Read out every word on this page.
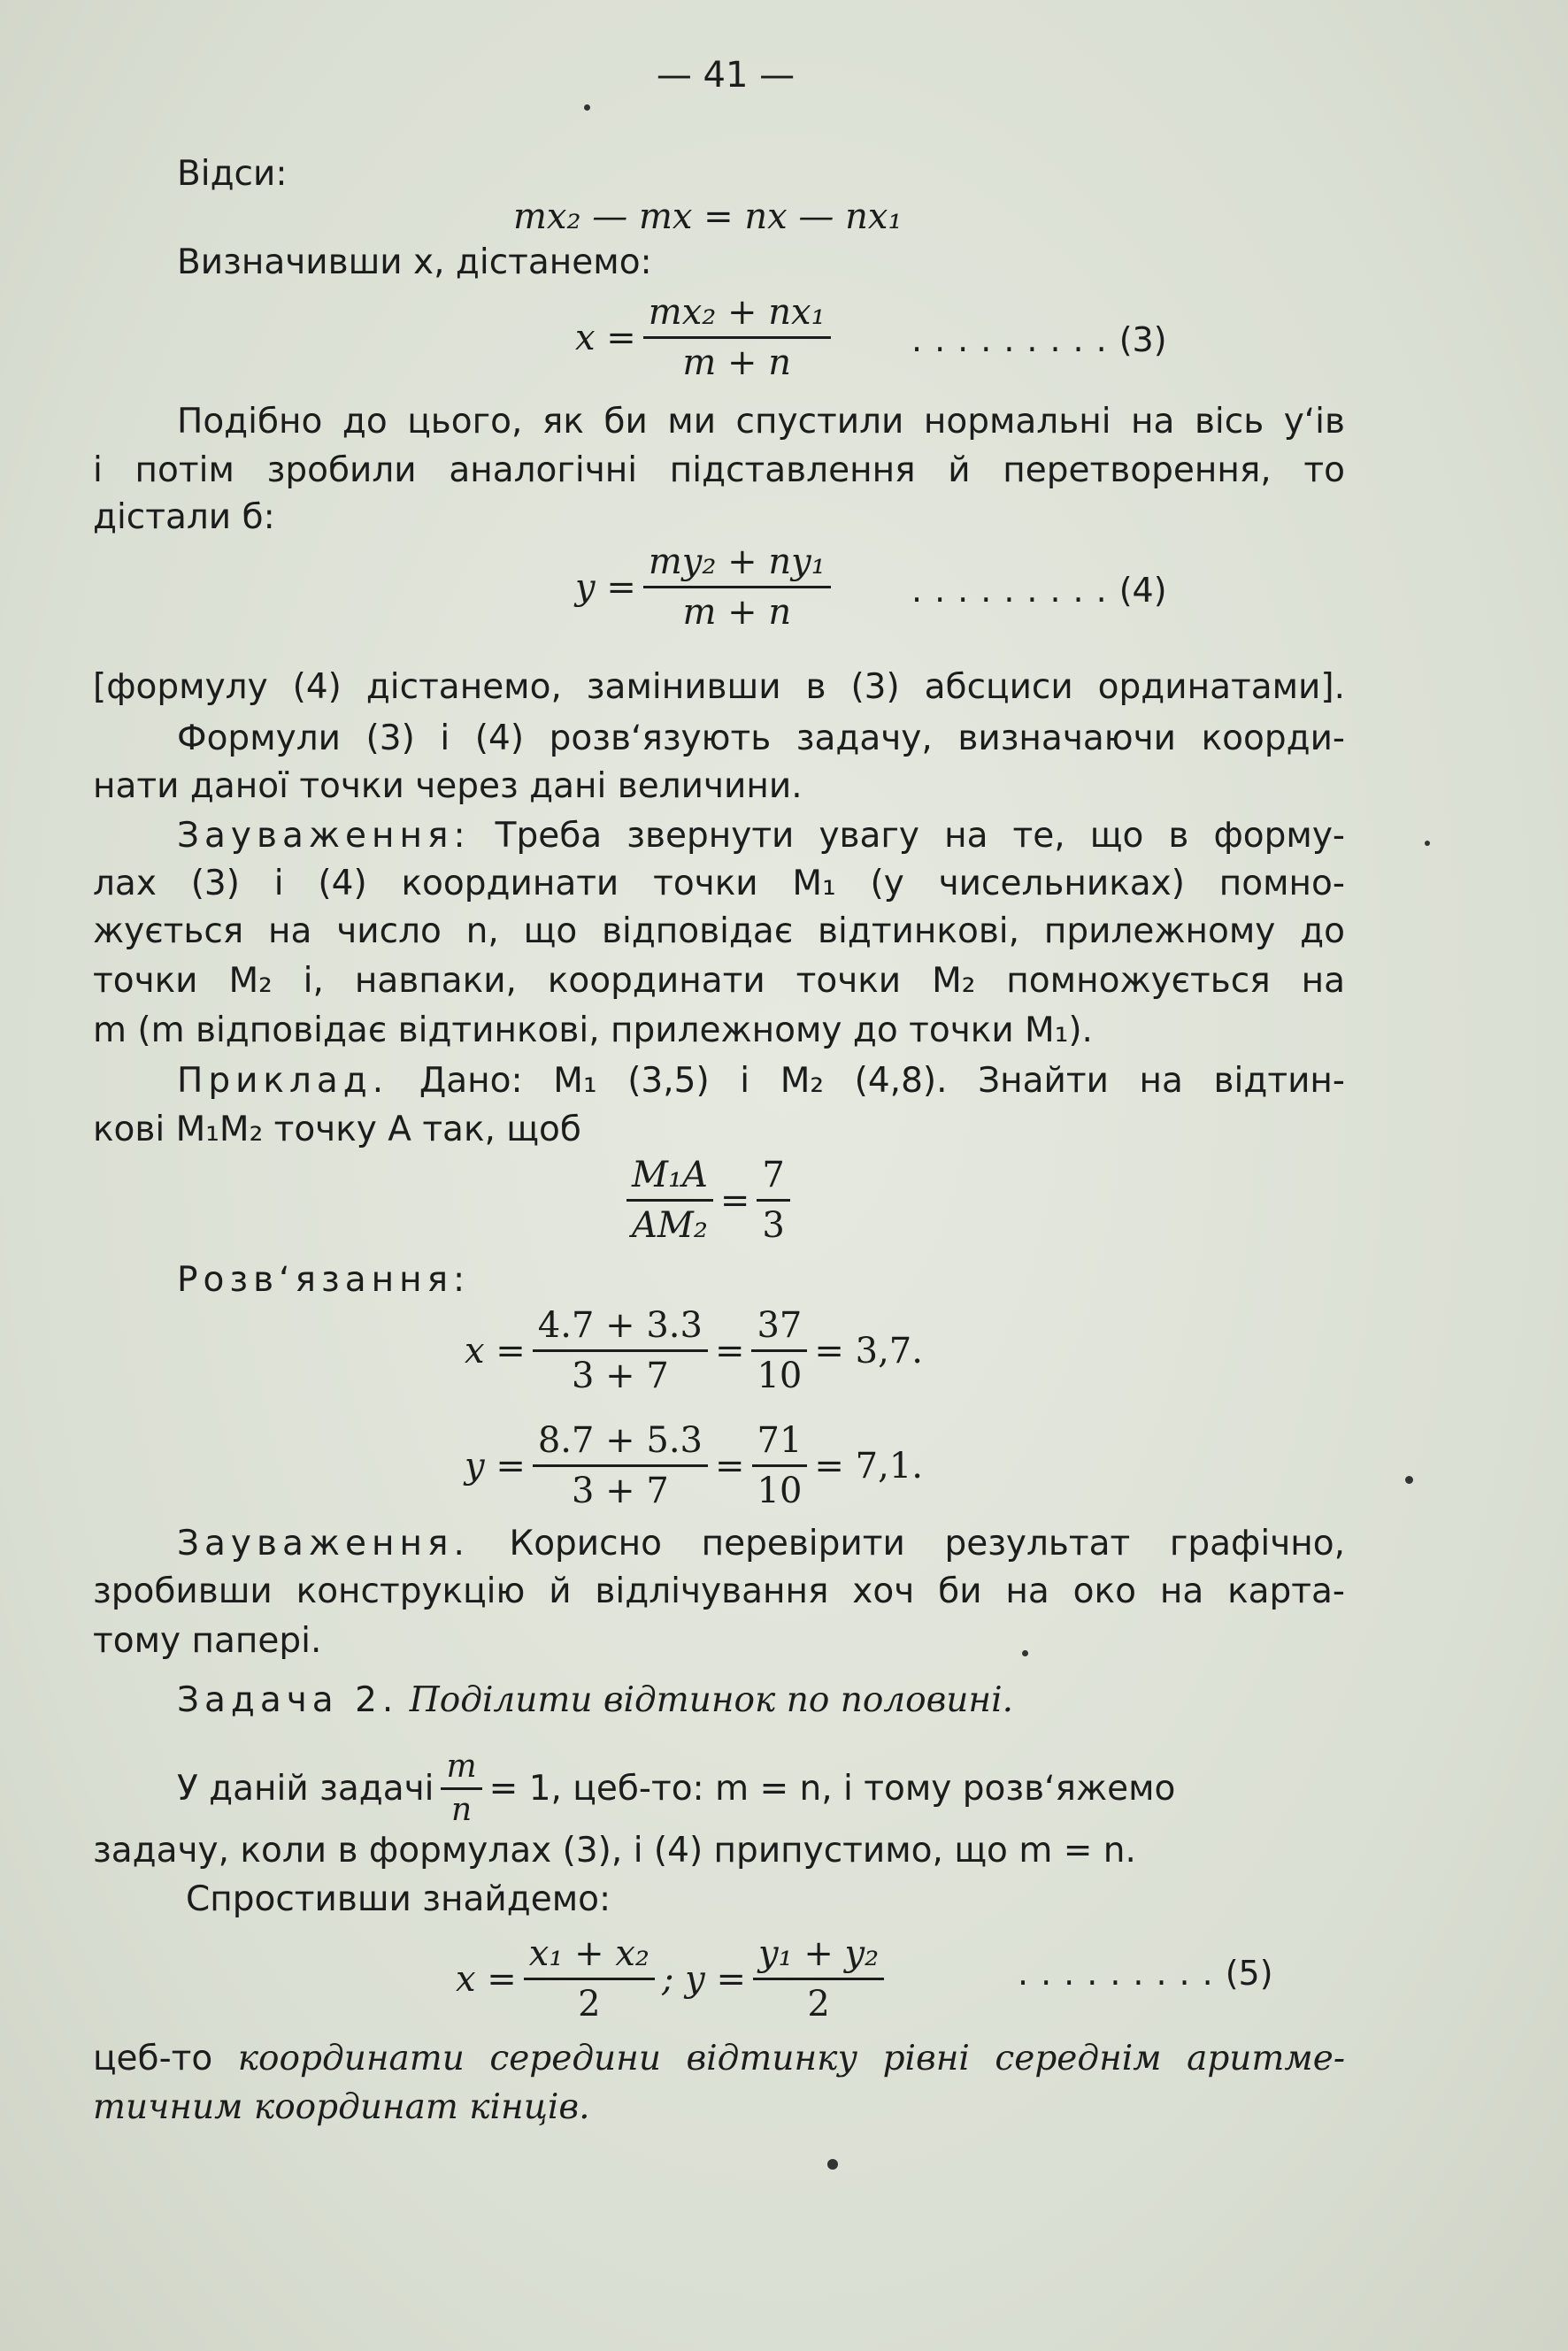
— 41 —
Відси:
mx₂ — mx = nx — nx₁
Визначивши x, дістанемо:
$x = \frac{\text{mx₂ + nx₁}}{m + n} .........(3)$
Подібно до цього, як би ми спустили нормальні на вісь у‘ів
і потім зробили аналогічні підставлення й перетворення, то
дістали б:
$y = \frac{\text{my₂ + ny₁}}{m + n} .........(4)$
[формулу (4) дістанемо, замінивши в (3) абсциси ординатами].
Формули (3) і (4) розв‘язують задачу, визначаючи коорди-
нати даної точки через дані величини.
Зауваження: Треба звернути увагу на те, що в форму-
лах (3) і (4) координати точки M₁ (у чисельниках) помно-
жується на число n, що відповідає відтинкові, прилежному до
точки M₂ і, навпаки, координати точки M₂ помножується на
m (m відповідає відтинкові, прилежному до точки M₁).
Приклад. Дано: M₁ (3,5) і M₂ (4,8). Знайти на відтин-
кові M₁M₂ точку A так, щоб
$\frac{\text{M₁A}}{\text{AM₂}} = \frac{7}{3}$
Розв‘язання:
$x = \frac{4.7 + 3.3}{3 + 7} = \frac{37}{10} = 3,7$.
$y = \frac{8.7 + 5.3}{3 + 7} = \frac{71}{10} = 7,1$.
Зауваження. Корисно перевірити результат графічно,
зробивши конструкцію й відлічування хоч би на око на карта-
тому папері.
Задача 2. Поділити відтинок по половині.
У даній задачі $\frac{m}{n} = 1$, цеб-то: m = n, і тому розв‘яжемо
задачу, коли в формулах (3), і (4) припустимо, що m = n.
Спростивши знайдемо:
$x = \frac{\text{x₁ + x₂}}{2}$ ; $y = \frac{\text{y₁ + y₂}}{2}$	.........(5)
цеб-то координати середини відтинку рівні середнім аритме-
тичним координат кінців.
